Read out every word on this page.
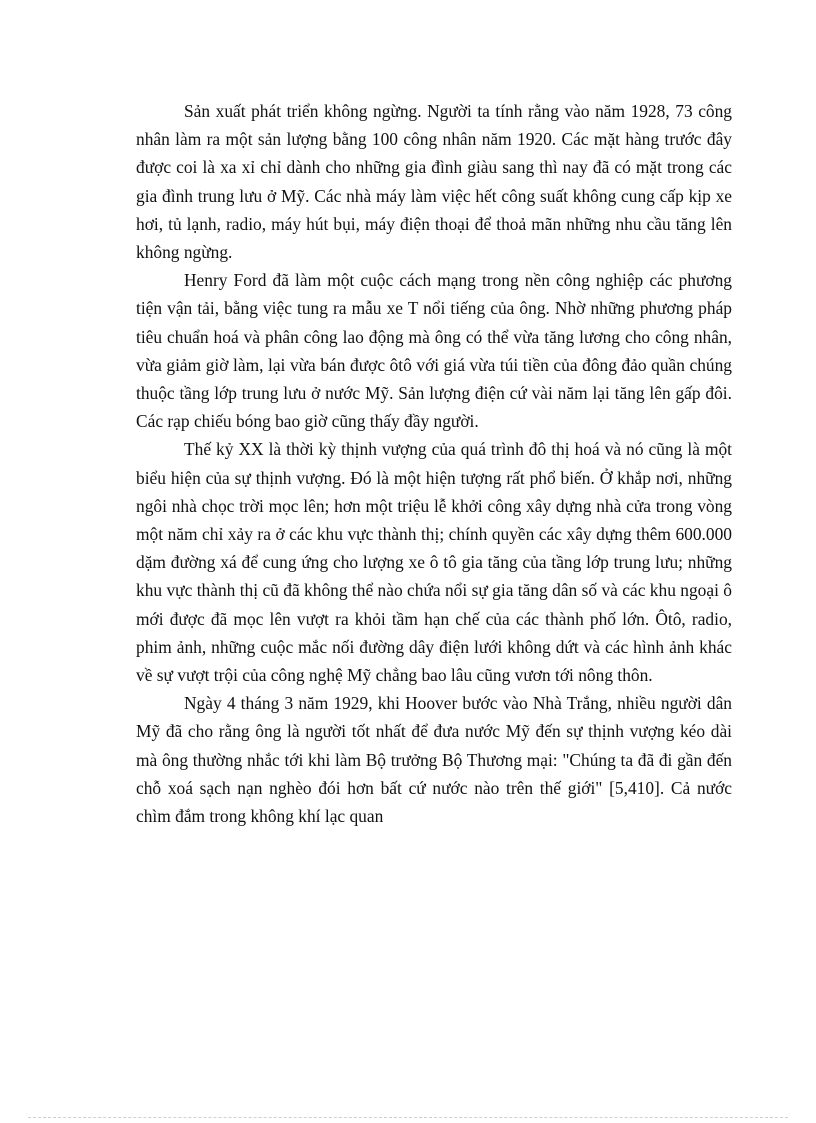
Sản xuất phát triển không ngừng. Người ta tính rằng vào năm 1928, 73 công nhân làm ra một sản lượng bằng 100 công nhân năm 1920. Các mặt hàng trước đây được coi là xa xỉ chỉ dành cho những gia đình giàu sang thì nay đã có mặt trong các gia đình trung lưu ở Mỹ. Các nhà máy làm việc hết công suất không cung cấp kịp xe hơi, tủ lạnh, radio, máy hút bụi, máy điện thoại để thoả mãn những nhu cầu tăng lên không ngừng.

Henry Ford đã làm một cuộc cách mạng trong nền công nghiệp các phương tiện vận tải, bằng việc tung ra mẫu xe T nổi tiếng của ông. Nhờ những phương pháp tiêu chuẩn hoá và phân công lao động mà ông có thể vừa tăng lương cho công nhân, vừa giảm giờ làm, lại vừa bán được ôtô với giá vừa túi tiền của đông đảo quần chúng thuộc tầng lớp trung lưu ở nước Mỹ. Sản lượng điện cứ vài năm lại tăng lên gấp đôi. Các rạp chiếu bóng bao giờ cũng thấy đầy người.

Thế kỷ XX là thời kỳ thịnh vượng của quá trình đô thị hoá và nó cũng là một biểu hiện của sự thịnh vượng. Đó là một hiện tượng rất phổ biến. Ở khắp nơi, những ngôi nhà chọc trời mọc lên; hơn một triệu lễ khởi công xây dựng nhà cửa trong vòng một năm chỉ xảy ra ở các khu vực thành thị; chính quyền các xây dựng thêm 600.000 dặm đường xá để cung ứng cho lượng xe ô tô gia tăng của tầng lớp trung lưu; những khu vực thành thị cũ đã không thể nào chứa nổi sự gia tăng dân số và các khu ngoại ô mới được đã mọc lên vượt ra khỏi tầm hạn chế của các thành phố lớn. Ôtô, radio, phim ảnh, những cuộc mắc nối đường dây điện lưới không dứt và các hình ảnh khác về sự vượt trội của công nghệ Mỹ chẳng bao lâu cũng vươn tới nông thôn.

Ngày 4 tháng 3 năm 1929, khi Hoover bước vào Nhà Trắng, nhiều người dân Mỹ đã cho rằng ông là người tốt nhất để đưa nước Mỹ đến sự thịnh vượng kéo dài mà ông thường nhắc tới khi làm Bộ trưởng Bộ Thương mại: "Chúng ta đã đi gần đến chỗ xoá sạch nạn nghèo đói hơn bất cứ nước nào trên thế giới" [5,410]. Cả nước chìm đắm trong không khí lạc quan
